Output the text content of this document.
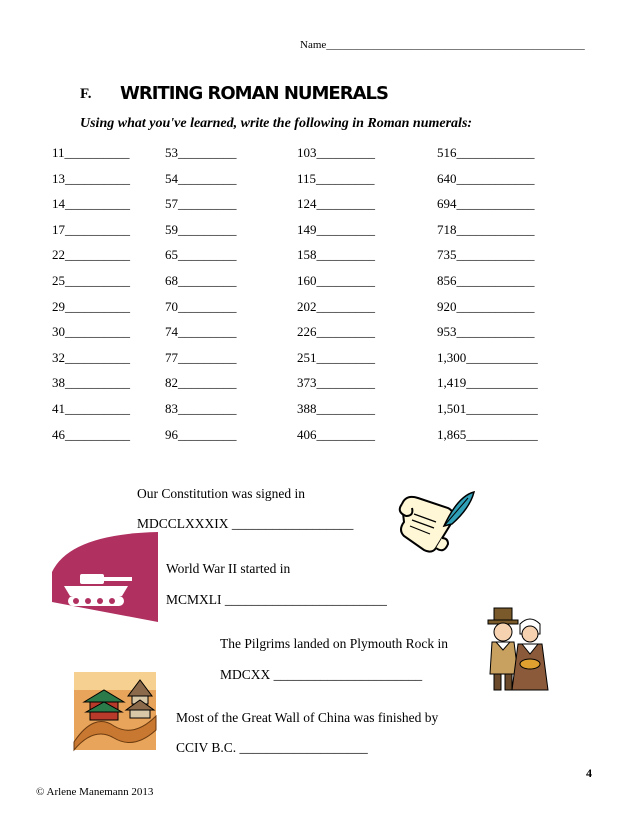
Name_______________________________________________
F. WRITING ROMAN NUMERALS
Using what you've learned, write the following in Roman numerals:
11__________
13__________
14__________
17__________
22__________
25__________
29__________
30__________
32__________
38__________
41__________
46__________
53_________
54_________
57_________
59_________
65_________
68_________
70_________
74_________
77_________
82_________
83_________
96_________
103_________
115_________
124_________
149_________
158_________
160_________
202_________
226_________
251_________
373_________
388_________
406_________
516____________
640____________
694____________
718____________
735____________
856____________
920____________
953____________
1,300___________
1,419___________
1,501___________
1,865___________
Our Constitution was signed in
MDCCLXXXIX __________________
World War II started in
MCMXLI ________________________
The Pilgrims landed on Plymouth Rock in
MDCXX ______________________
Most of the Great Wall of China was finished by
CCIV B.C. ___________________
4
© Arlene Manemann 2013
